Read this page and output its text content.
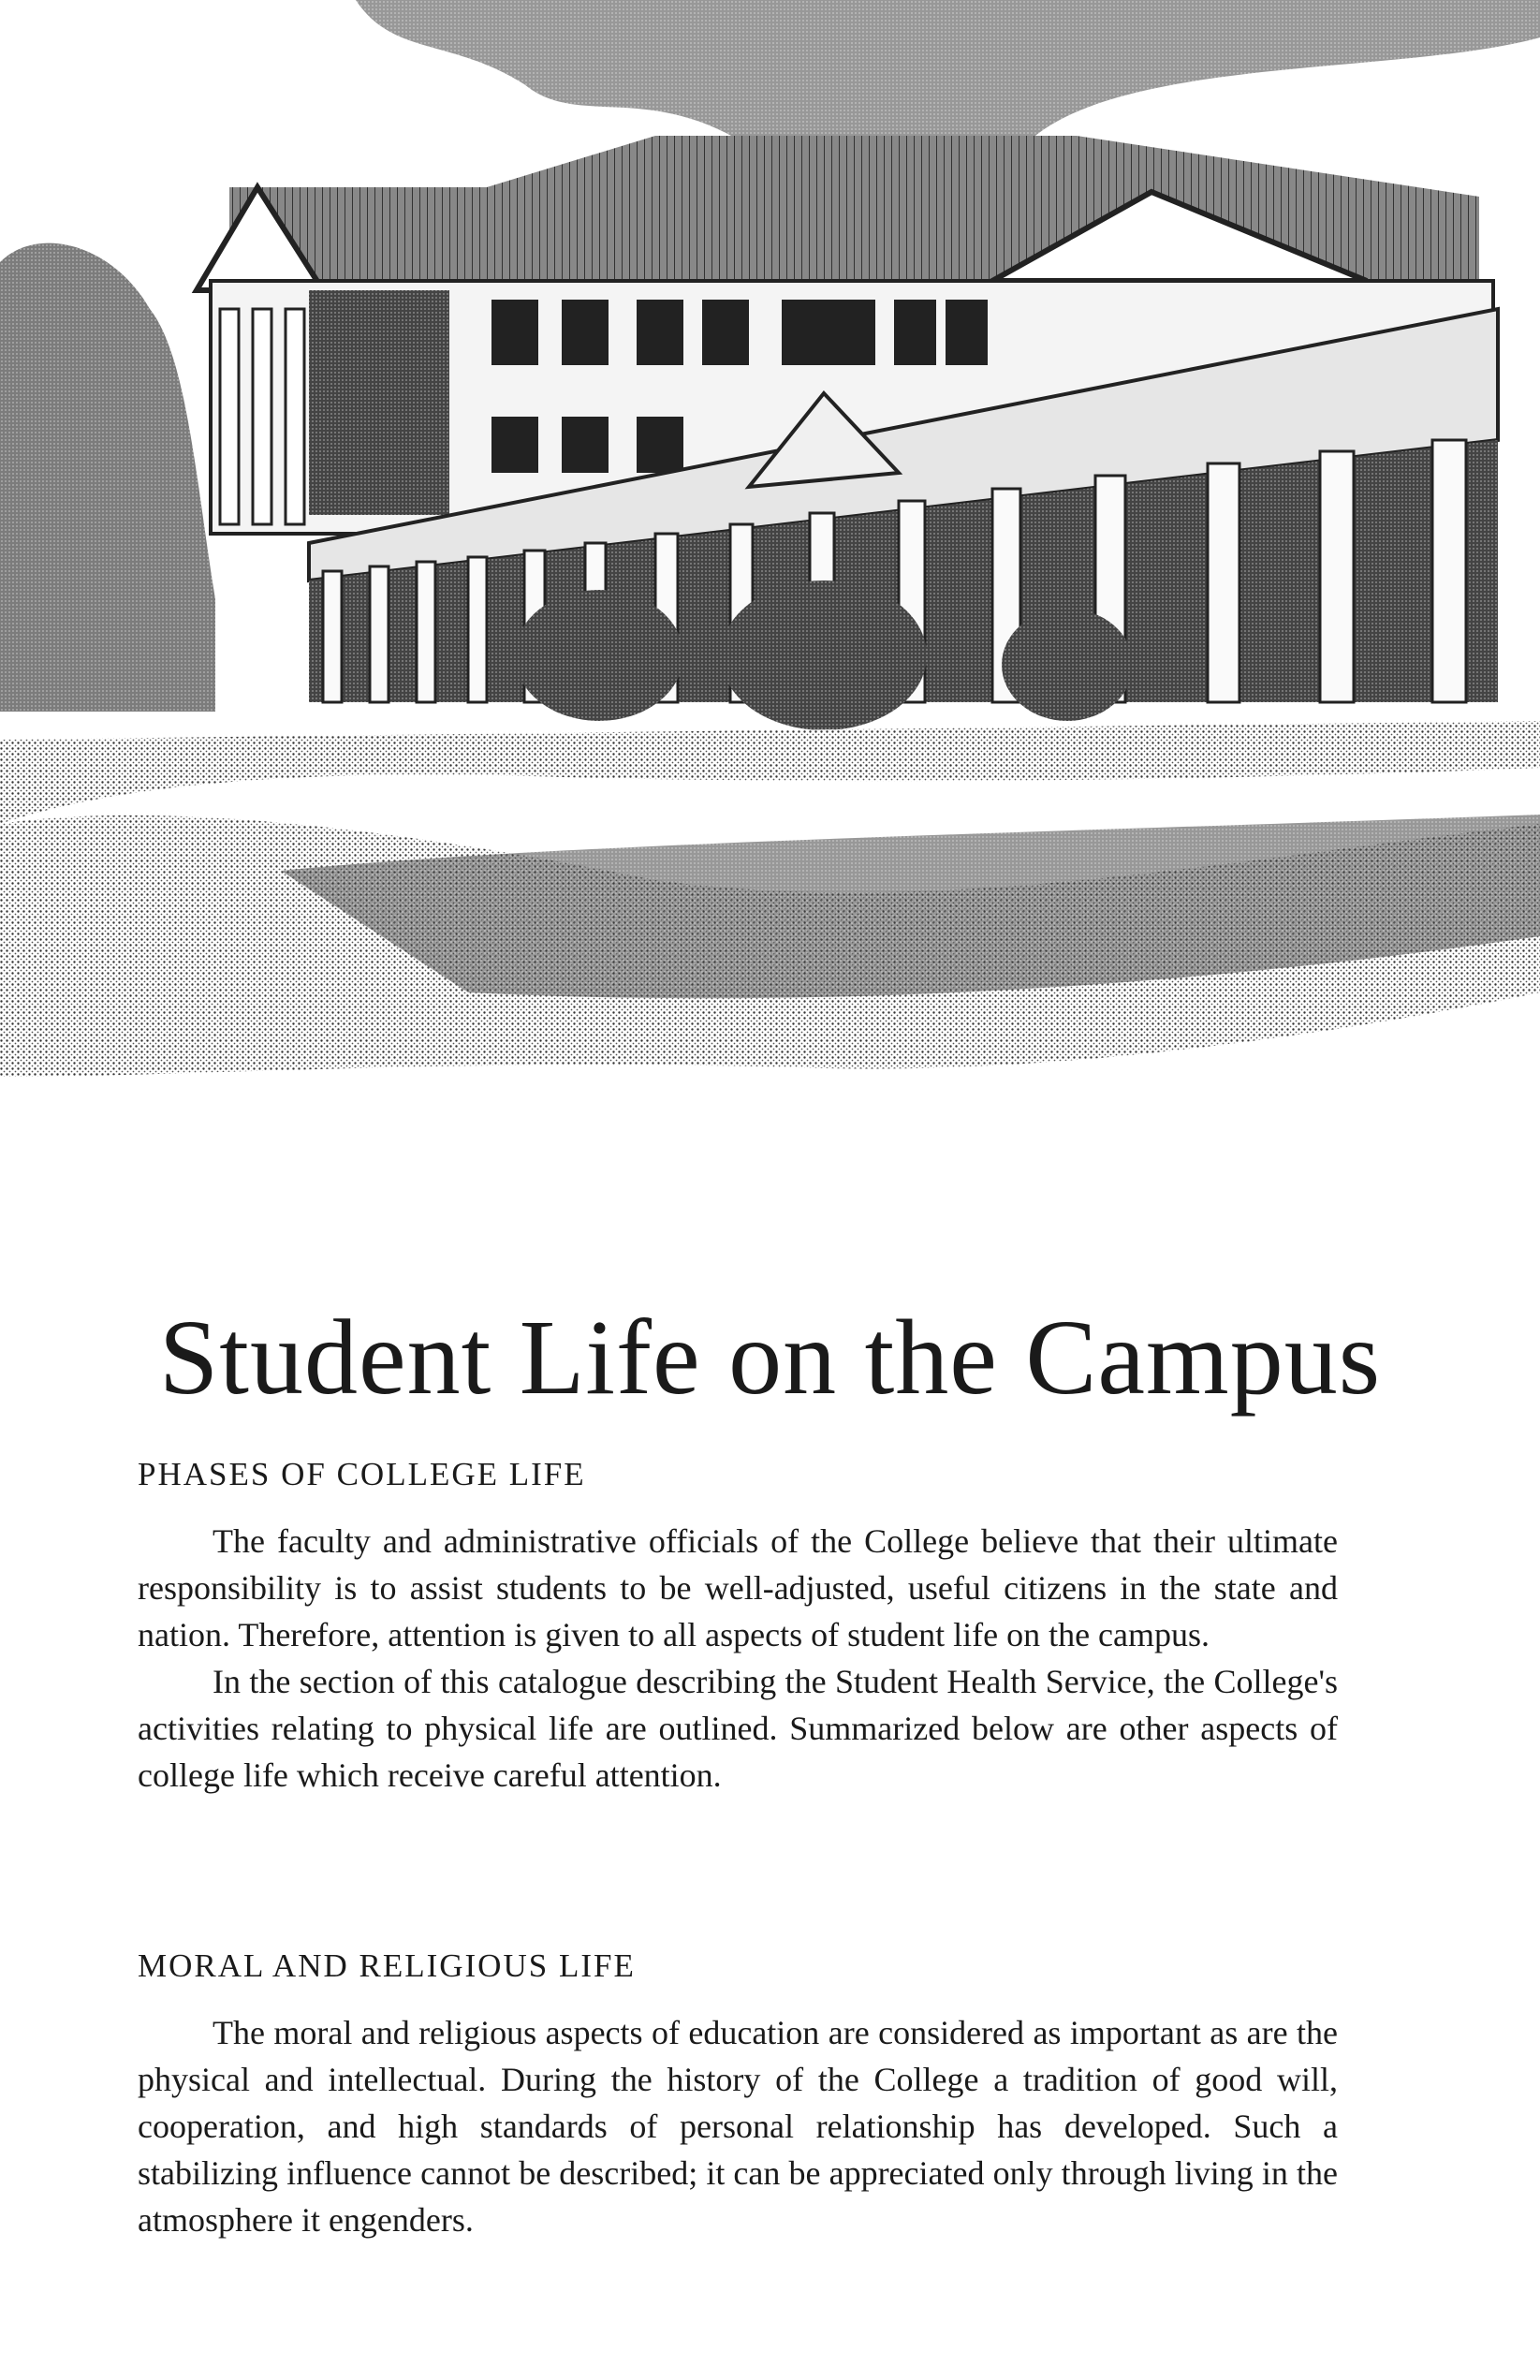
Student Life on the Campus
PHASES OF COLLEGE LIFE

The faculty and administrative officials of the College believe that their ultimate responsibility is to assist students to be well-adjusted, useful citizens in the state and nation. Therefore, attention is given to all aspects of student life on the campus.

In the section of this catalogue describing the Student Health Service, the College's activities relating to physical life are outlined. Summarized below are other aspects of college life which receive careful attention.

MORAL AND RELIGIOUS LIFE

The moral and religious aspects of education are considered as important as are the physical and intellectual. During the history of the College a tradition of good will, cooperation, and high standards of personal relationship has developed. Such a stabilizing influence cannot be described; it can be appreciated only through living in the atmosphere it engenders.
